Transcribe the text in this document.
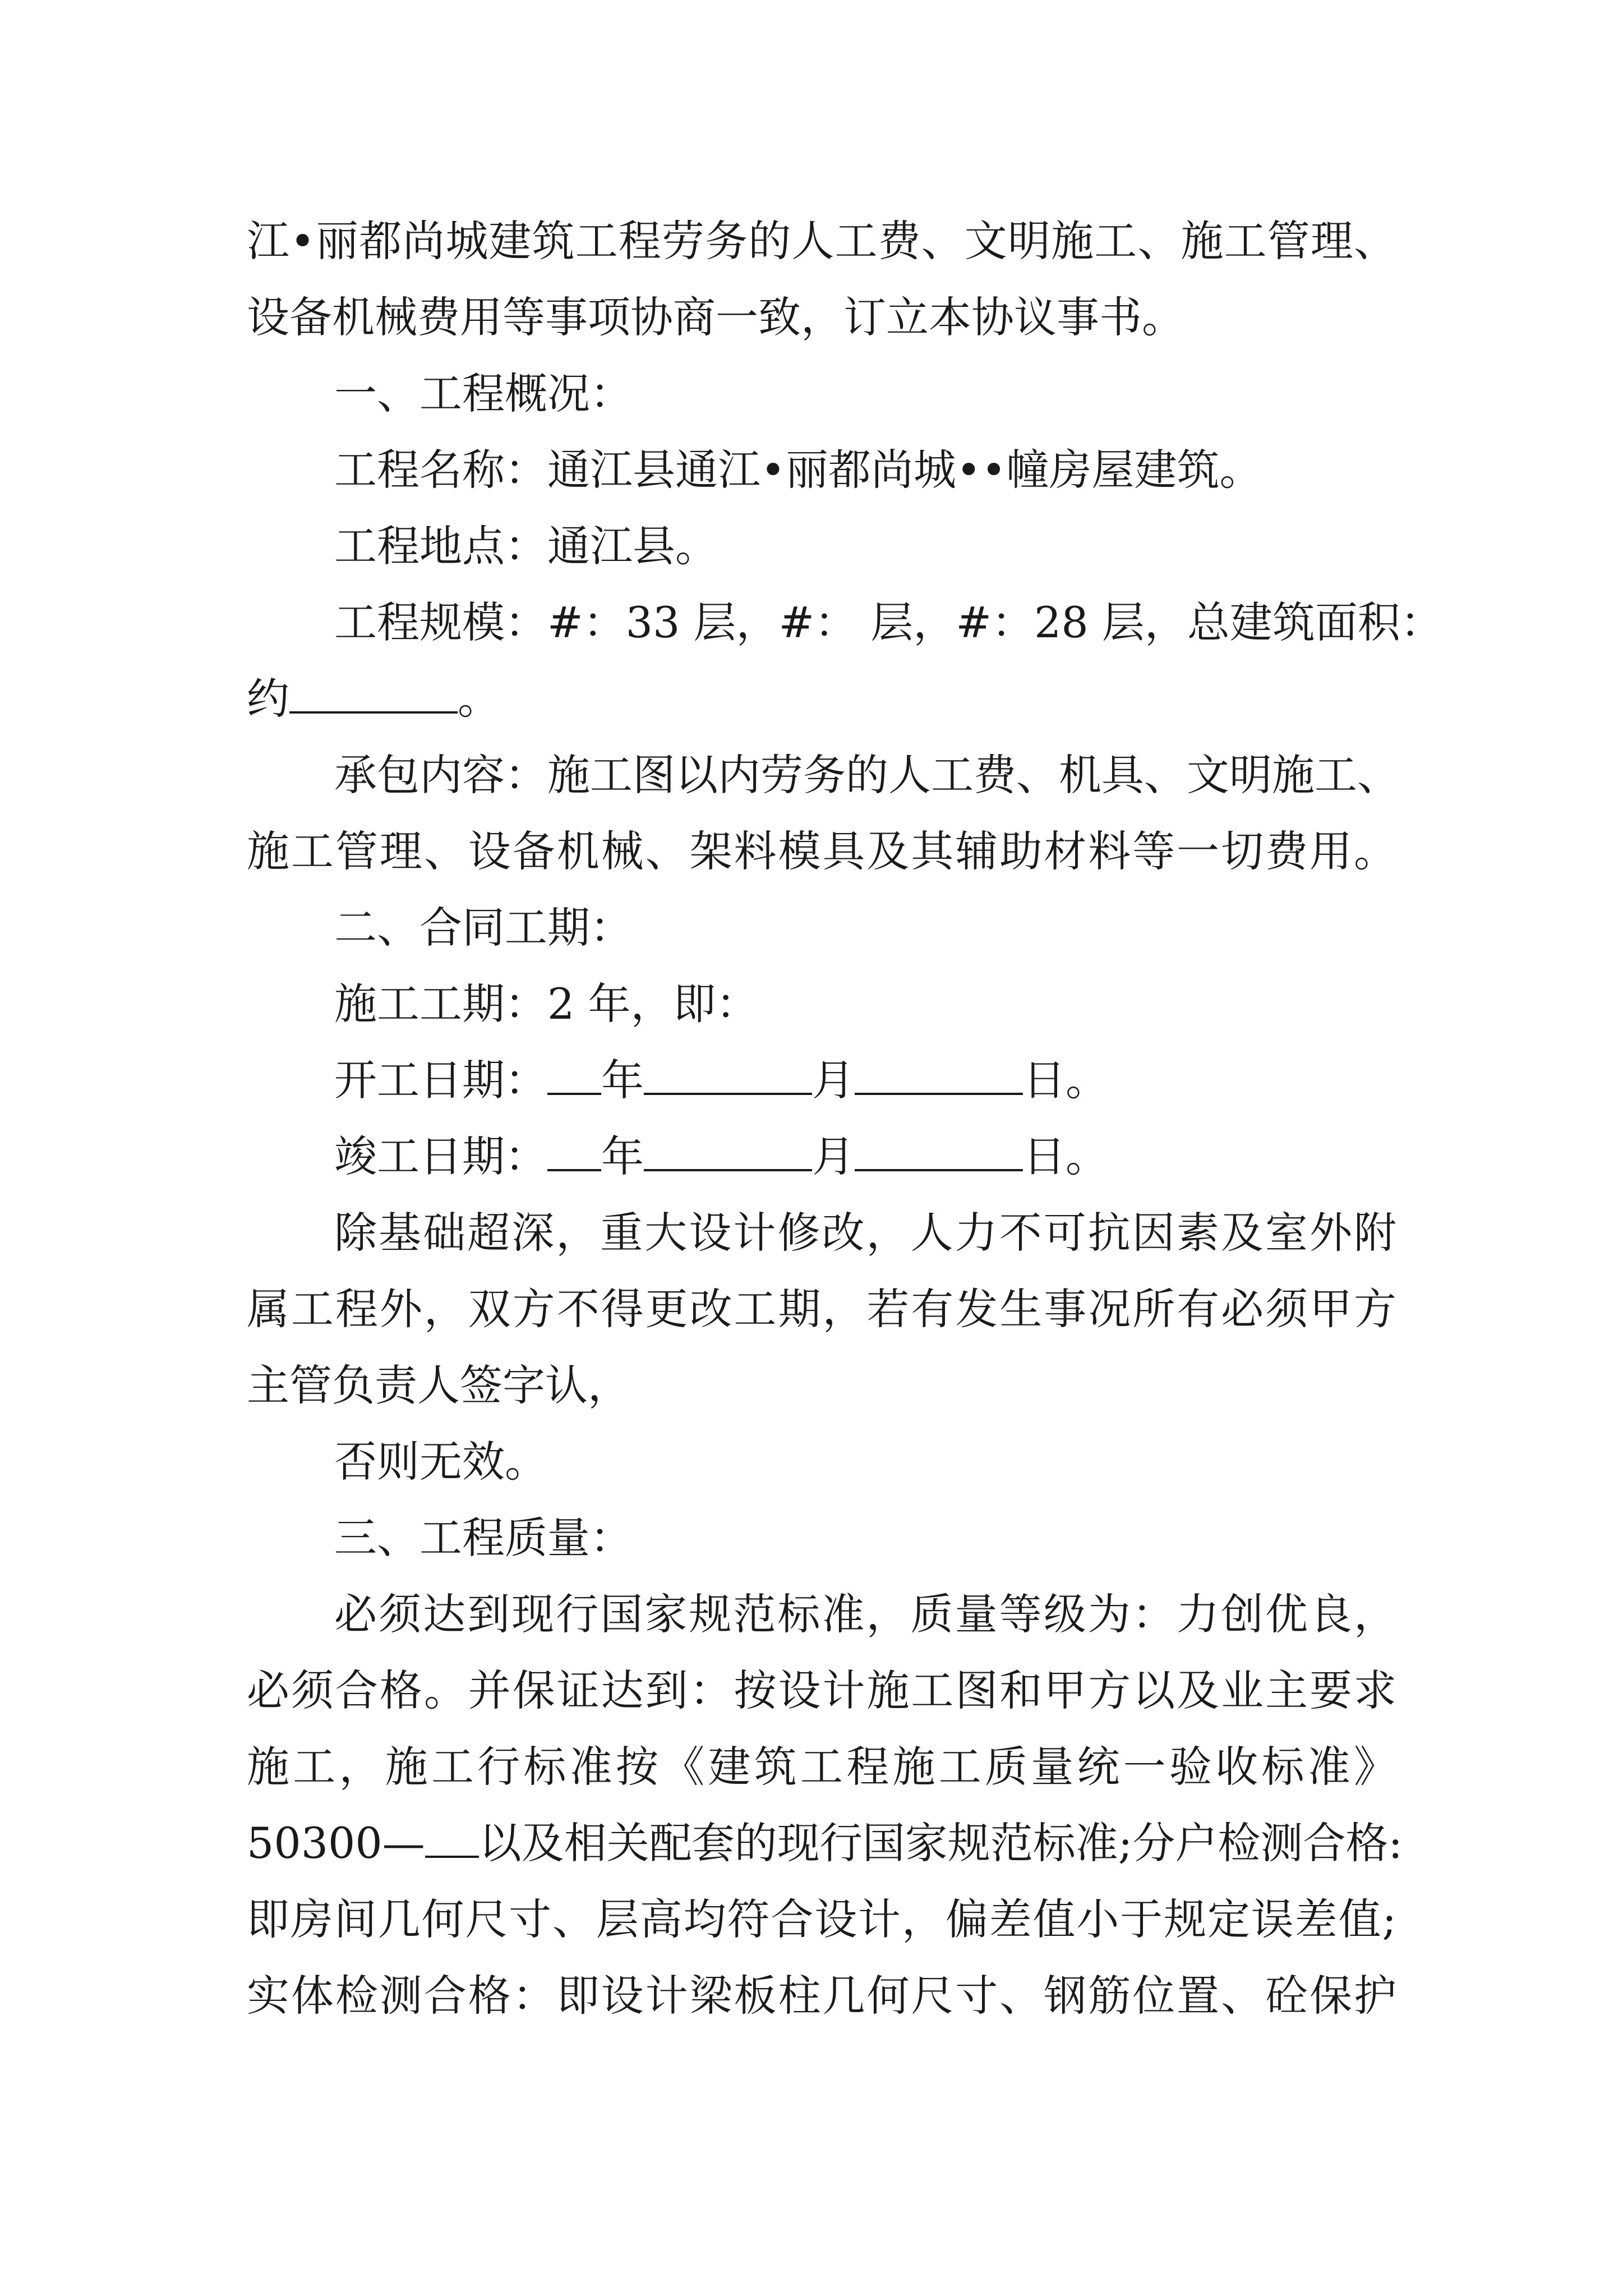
江•丽都尚城建筑工程劳务的人工费、文明施工、施工管理、
设备机械费用等事项协商一致，订立本协议事书。
一、工程概况：
工程名称：通江县通江•丽都尚城••幢房屋建筑。
工程地点：通江县。
工程规模：#：33 层，#： 层，#：28 层，总建筑面积：
约	。
承包内容：施工图以内劳务的人工费、机具、文明施工、
施工管理、设备机械、架料模具及其辅助材料等一切费用。
二、合同工期：
施工工期：2 年，即：
开工日期： 年	月	日。
竣工日期： 年	月	日。
除基础超深，重大设计修改，人力不可抗因素及室外附
属工程外，双方不得更改工期，若有发生事况所有必须甲方
主管负责人签字认，
否则无效。
三、工程质量：
必须达到现行国家规范标准，质量等级为：力创优良，
必须合格。并保证达到：按设计施工图和甲方以及业主要求
施工，施工行标准按《建筑工程施工质量统一验收标准》
50300— 以及相关配套的现行国家规范标准;分户检测合格:
即房间几何尺寸、层高均符合设计，偏差值小于规定误差值;
实体检测合格：即设计梁板柱几何尺寸、钢筋位置、砼保护
